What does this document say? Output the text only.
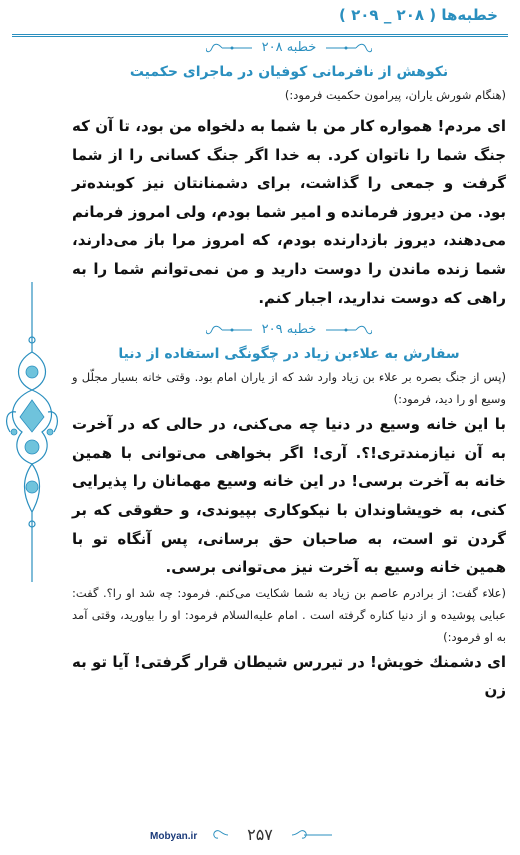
خطبه‌ها ( ۲۰۸ _ ۲۰۹ )
خطبه ۲۰۸
نکوهش از نافرمانی کوفیان در ماجرای حکمیت
(هنگام شورش یاران، پیرامون حکمیت فرمود:)
ای مردم! همواره کار من با شما به دلخواه من بود، تا آن که جنگ شما را ناتوان کرد. به خدا اگر جنگ کسانی را از شما گرفت و جمعی را گذاشت، برای دشمنانتان نیز کوبنده‌تر بود. من دیروز فرمانده و امیر شما بودم، ولی امروز فرمانم می‌دهند، دیروز بازدارنده بودم، که امروز مرا باز می‌دارند، شما زنده ماندن را دوست دارید و من نمی‌توانم شما را به راهی که دوست ندارید، اجبار کنم.
خطبه ۲۰۹
سفارش به علاءبن زیاد در چگونگی استفاده از دنیا
(پس از جنگ بصره بر علاء بن زیاد وارد شد که از یاران امام بود. وقتی خانه بسیار مجلّل و وسیع او را دید، فرمود:)
با این خانه وسیع در دنیا چه می‌کنی، در حالی که در آخرت به آن نیازمندتری!؟. آری! اگر بخواهی می‌توانی با همین خانه به آخرت برسی! در این خانه وسیع مهمانان را پذیرایی کنی، به خویشاوندان با نیکوکاری بپیوندی، و حقوقی که بر گردن تو است، به صاحبان حق برسانی، پس آنگاه تو با همین خانه وسیع به آخرت نیز می‌توانی برسی.
(علاء گفت: از برادرم عاصم بن زیاد به شما شکایت می‌کنم. فرمود: چه شد او را؟. گفت: عبایی پوشیده و از دنیا کناره گرفته است . امام علیه‌السلام فرمود: او را بیاورید، وقتی آمد به او فرمود:)
ای دشمنك خویش! در تیررس شیطان قرار گرفتی! آیا تو به زن
Mobyan.ir	۲۵۷
